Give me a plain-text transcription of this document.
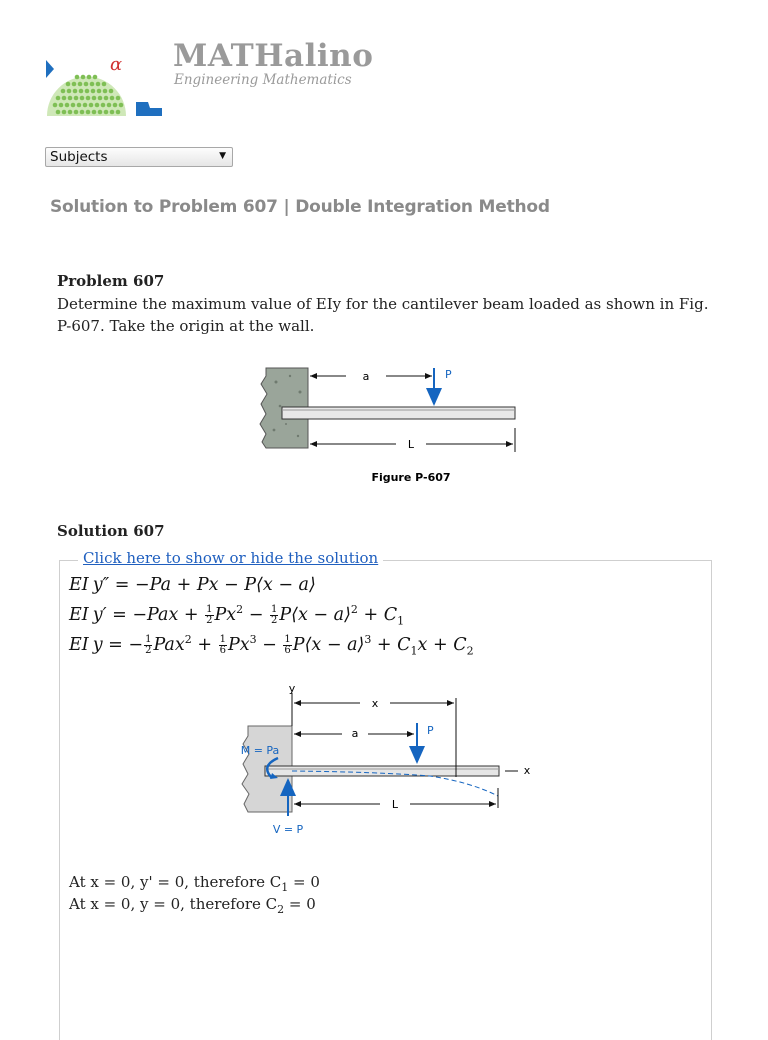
α MATHalino
Engineering Mathematics
Subjects	▼
Solution to Problem 607 | Double Integration Method
Problem 607
Determine the maximum value of EIy for the cantilever beam loaded as shown in Fig. P-607. Take the origin at the wall.
a	P
L
Figure P-607
Solution 607
Click here to show or hide the solution
EI y″ = −Pa + Px − P⟨x − a⟩
EI $y' = -Pax + \frac{1}{2} Px^2 - \frac{1}{2}$ P⟨x − a⟩$^2$ + $C_1$
EI y = − $\frac{1}{2} Pax^2 + \frac{1}{6} Px^3 - \frac{1}{6}$ P⟨x − a⟩$^3$ + $C_1x + C_2$
y
x
a	P
M = Pa
V = P
x
L
At x = 0, y' = 0, therefore $C_1 = 0$
At x = 0, y = 0, therefore $C_2 = 0$
